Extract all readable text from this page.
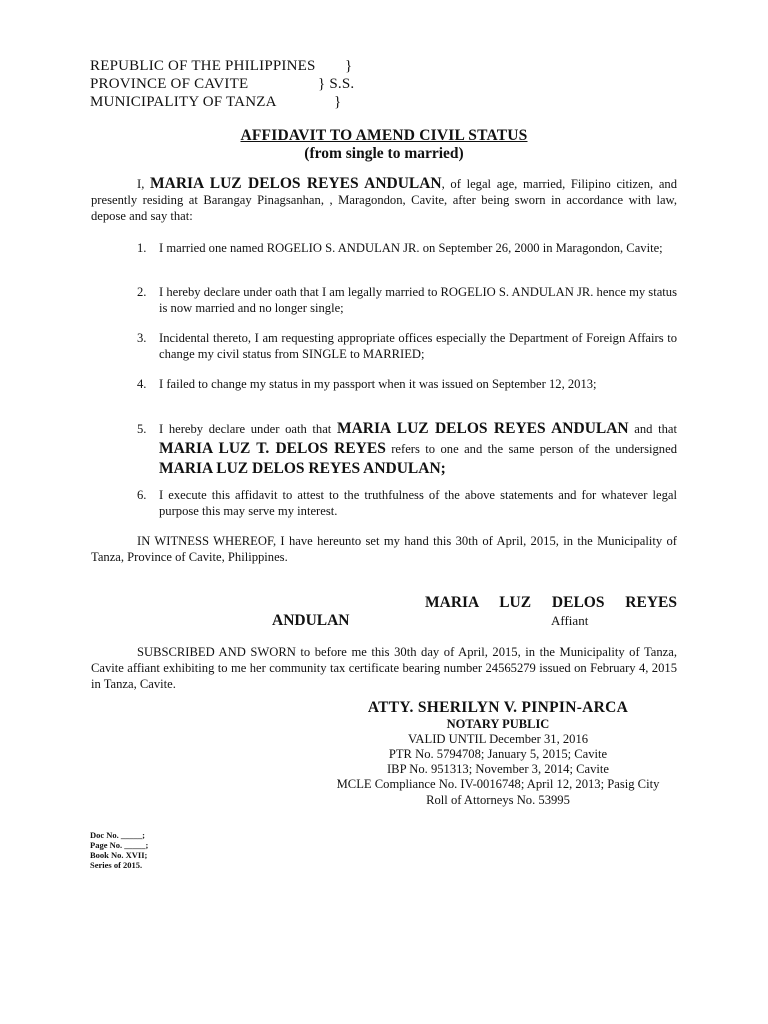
REPUBLIC OF THE PHILIPPINES }
PROVINCE OF CAVITE	} S.S.
MUNICIPALITY OF TANZA	}
AFFIDAVIT TO AMEND CIVIL STATUS
(from single to married)
I, MARIA LUZ DELOS REYES ANDULAN, of legal age, married, Filipino citizen, and presently residing at Barangay Pinagsanhan, , Maragondon, Cavite, after being sworn in accordance with law, depose and say that:
1. I married one named ROGELIO S. ANDULAN JR. on September 26, 2000 in Maragondon, Cavite;
2. I hereby declare under oath that I am legally married to ROGELIO S. ANDULAN JR. hence my status is now married and no longer single;
3. Incidental thereto, I am requesting appropriate offices especially the Department of Foreign Affairs to change my civil status from SINGLE to MARRIED;
4. I failed to change my status in my passport when it was issued on September 12, 2013;
5. I hereby declare under oath that MARIA LUZ DELOS REYES ANDULAN and that MARIA LUZ T. DELOS REYES refers to one and the same person of the undersigned MARIA LUZ DELOS REYES ANDULAN;
6. I execute this affidavit to attest to the truthfulness of the above statements and for whatever legal purpose this may serve my interest.
IN WITNESS WHEREOF, I have hereunto set my hand this 30th of April, 2015, in the Municipality of Tanza, Province of Cavite, Philippines.
MARIA LUZ DELOS REYES
ANDULAN	Affiant
SUBSCRIBED AND SWORN to before me this 30th day of April, 2015, in the Municipality of Tanza, Cavite affiant exhibiting to me her community tax certificate bearing number 24565279 issued on February 4, 2015 in Tanza, Cavite.
ATTY. SHERILYN V. PINPIN-ARCA
NOTARY PUBLIC
VALID UNTIL December 31, 2016
PTR No. 5794708; January 5, 2015; Cavite
IBP No. 951313; November 3, 2014; Cavite
MCLE Compliance No. IV-0016748; April 12, 2013; Pasig City
Roll of Attorneys No. 53995
Doc No. _____;
Page No. _____;
Book No. XVII;
Series of 2015.
